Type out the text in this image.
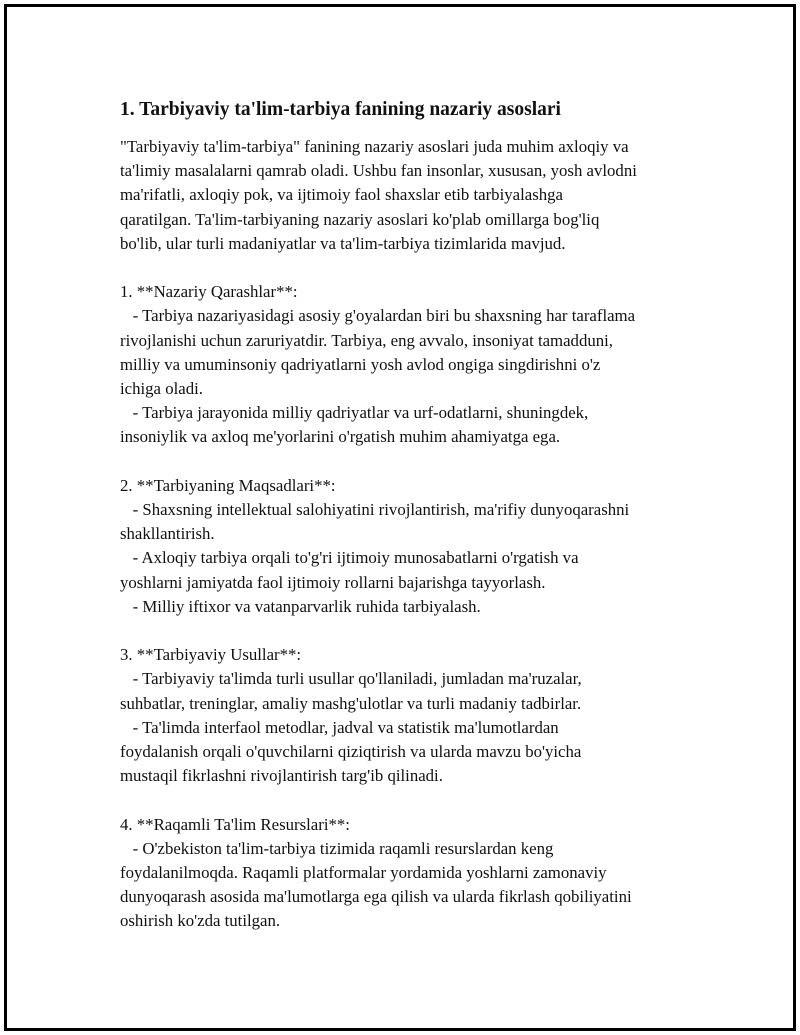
1. Tarbiyaviy ta'lim-tarbiya fanining nazariy asoslari

"Tarbiyaviy ta'lim-tarbiya" fanining nazariy asoslari juda muhim axloqiy va
ta'limiy masalalarni qamrab oladi. Ushbu fan insonlar, xususan, yosh avlodni
ma'rifatli, axloqiy pok, va ijtimoiy faol shaxslar etib tarbiyalashga
qaratilgan. Ta'lim-tarbiyaning nazariy asoslari ko'plab omillarga bog'liq
bo'lib, ular turli madaniyatlar va ta'lim-tarbiya tizimlarida mavjud.

1. **Nazariy Qarashlar**:

- Tarbiya nazariyasidagi asosiy g'oyalardan biri bu shaxsning har taraflama
rivojlanishi uchun zaruriyatdir. Tarbiya, eng avvalo, insoniyat tamadduni,
milliy va umuminsoniy qadriyatlarni yosh avlod ongiga singdirishni o'z
ichiga oladi.
- Tarbiya jarayonida milliy qadriyatlar va urf-odatlarni, shuningdek,
insoniylik va axloq me'yorlarini o'rgatish muhim ahamiyatga ega.

2. **Tarbiyaning Maqsadlari**:

- Shaxsning intellektual salohiyatini rivojlantirish, ma'rifiy dunyoqarashni
shakllantirish.
- Axloqiy tarbiya orqali to'g'ri ijtimoiy munosabatlarni o'rgatish va
yoshlarni jamiyatda faol ijtimoiy rollarni bajarishga tayyorlash.
- Milliy iftixor va vatanparvarlik ruhida tarbiyalash.

3. **Tarbiyaviy Usullar**:

- Tarbiyaviy ta'limda turli usullar qo'llaniladi, jumladan ma'ruzalar,
suhbatlar, treninglar, amaliy mashg'ulotlar va turli madaniy tadbirlar.
- Ta'limda interfaol metodlar, jadval va statistik ma'lumotlardan
foydalanish orqali o'quvchilarni qiziqtirish va ularda mavzu bo'yicha
mustaqil fikrlashni rivojlantirish targ'ib qilinadi.

4. **Raqamli Ta'lim Resurslari**:

- O'zbekiston ta'lim-tarbiya tizimida raqamli resurslardan keng
foydalanilmoqda. Raqamli platformalar yordamida yoshlarni zamonaviy
dunyoqarash asosida ma'lumotlarga ega qilish va ularda fikrlash qobiliyatini
oshirish ko'zda tutilgan.
